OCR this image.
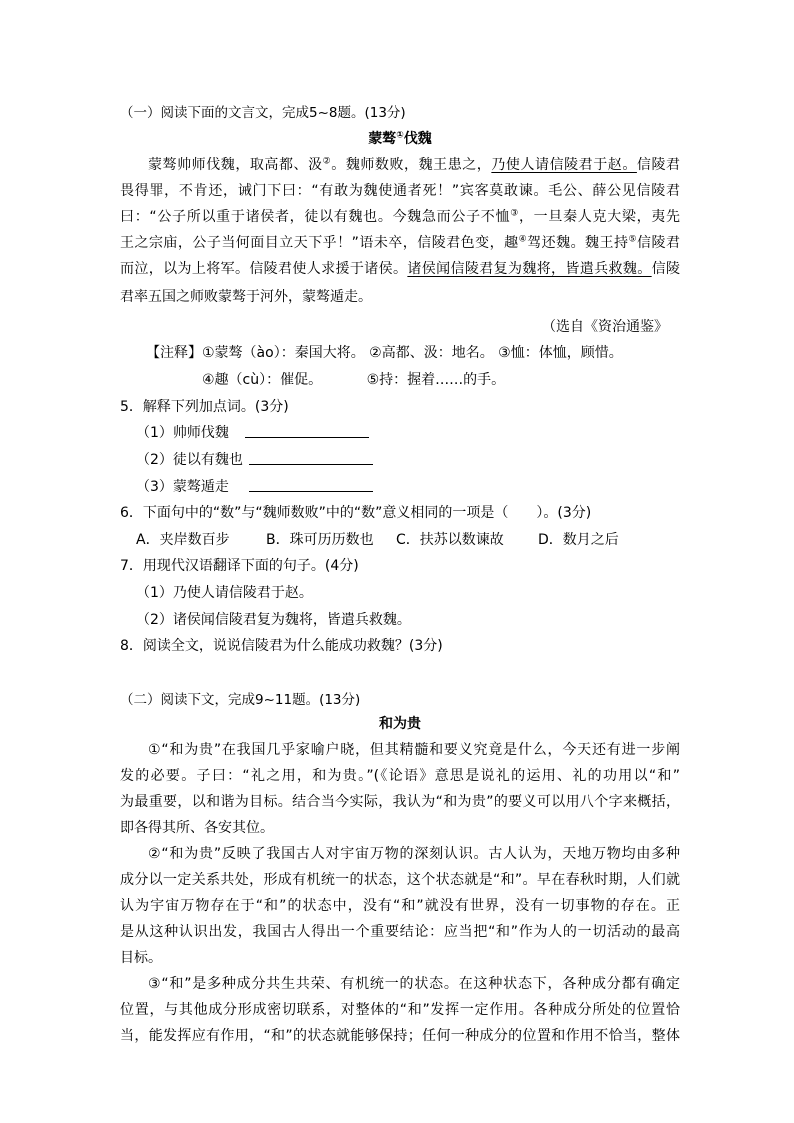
（一）阅读下面的文言文，完成5~8题。(13分)
蒙骜①伐魏
蒙骜帅师伐魏，取高都、汲②。魏师数败，魏王患之，乃使人请信陵君于赵。信陵君
畏得罪，不肯还，诫门下曰：“有敢为魏使通者死！”宾客莫敢谏。毛公、薛公见信陵君
曰：“公子所以重于诸侯者，徒以有魏也。今魏急而公子不恤③，一旦秦人克大梁，夷先
王之宗庙，公子当何面目立天下乎！”语未卒，信陵君色变，趣④驾还魏。魏王持⑤信陵君
而泣，以为上将军。信陵君使人求援于诸侯。诸侯闻信陵君复为魏将，皆遣兵救魏。信陵
君率五国之师败蒙骜于河外，蒙骜遁走。
（选自《资治通鉴》
【注释】①蒙骜（ào）：秦国大将。 ②高都、汲：地名。 ③恤：体恤，顾惜。
④趣（cù）：催促。          ⑤持：握着……的手。
5．解释下列加点词。(3分)
（1）帅师伐魏
（2）徒以有魏也
（3）蒙骜遁走
6．下面句中的“数”与“魏师数败”中的“数”意义相同的一项是（　　）。(3分)
A．夹岸数百步	B．珠可历历数也 C．扶苏以数谏故 D．数月之后
7．用现代汉语翻译下面的句子。(4分)
（1）乃使人请信陵君于赵。
（2）诸侯闻信陵君复为魏将，皆遣兵救魏。
8．阅读全文，说说信陵君为什么能成功救魏？(3分)
（二）阅读下文，完成9~11题。(13分)
和为贵
①“和为贵”在我国几乎家喻户晓，但其精髓和要义究竟是什么，今天还有进一步阐
发的必要。子曰：“礼之用，和为贵。”(《论语》意思是说礼的运用、礼的功用以“和”
为最重要，以和谐为目标。结合当今实际，我认为“和为贵”的要义可以用八个字来概括，
即各得其所、各安其位。
②“和为贵”反映了我国古人对宇宙万物的深刻认识。古人认为，天地万物均由多种
成分以一定关系共处，形成有机统一的状态，这个状态就是“和”。早在春秋时期，人们就
认为宇宙万物存在于“和”的状态中，没有“和”就没有世界，没有一切事物的存在。正
是从这种认识出发，我国古人得出一个重要结论：应当把“和”作为人的一切活动的最高
目标。
③“和”是多种成分共生共荣、有机统一的状态。在这种状态下，各种成分都有确定
位置，与其他成分形成密切联系，对整体的“和”发挥一定作用。各种成分所处的位置恰
当，能发挥应有作用，“和”的状态就能够保持；任何一种成分的位置和作用不恰当，整体
